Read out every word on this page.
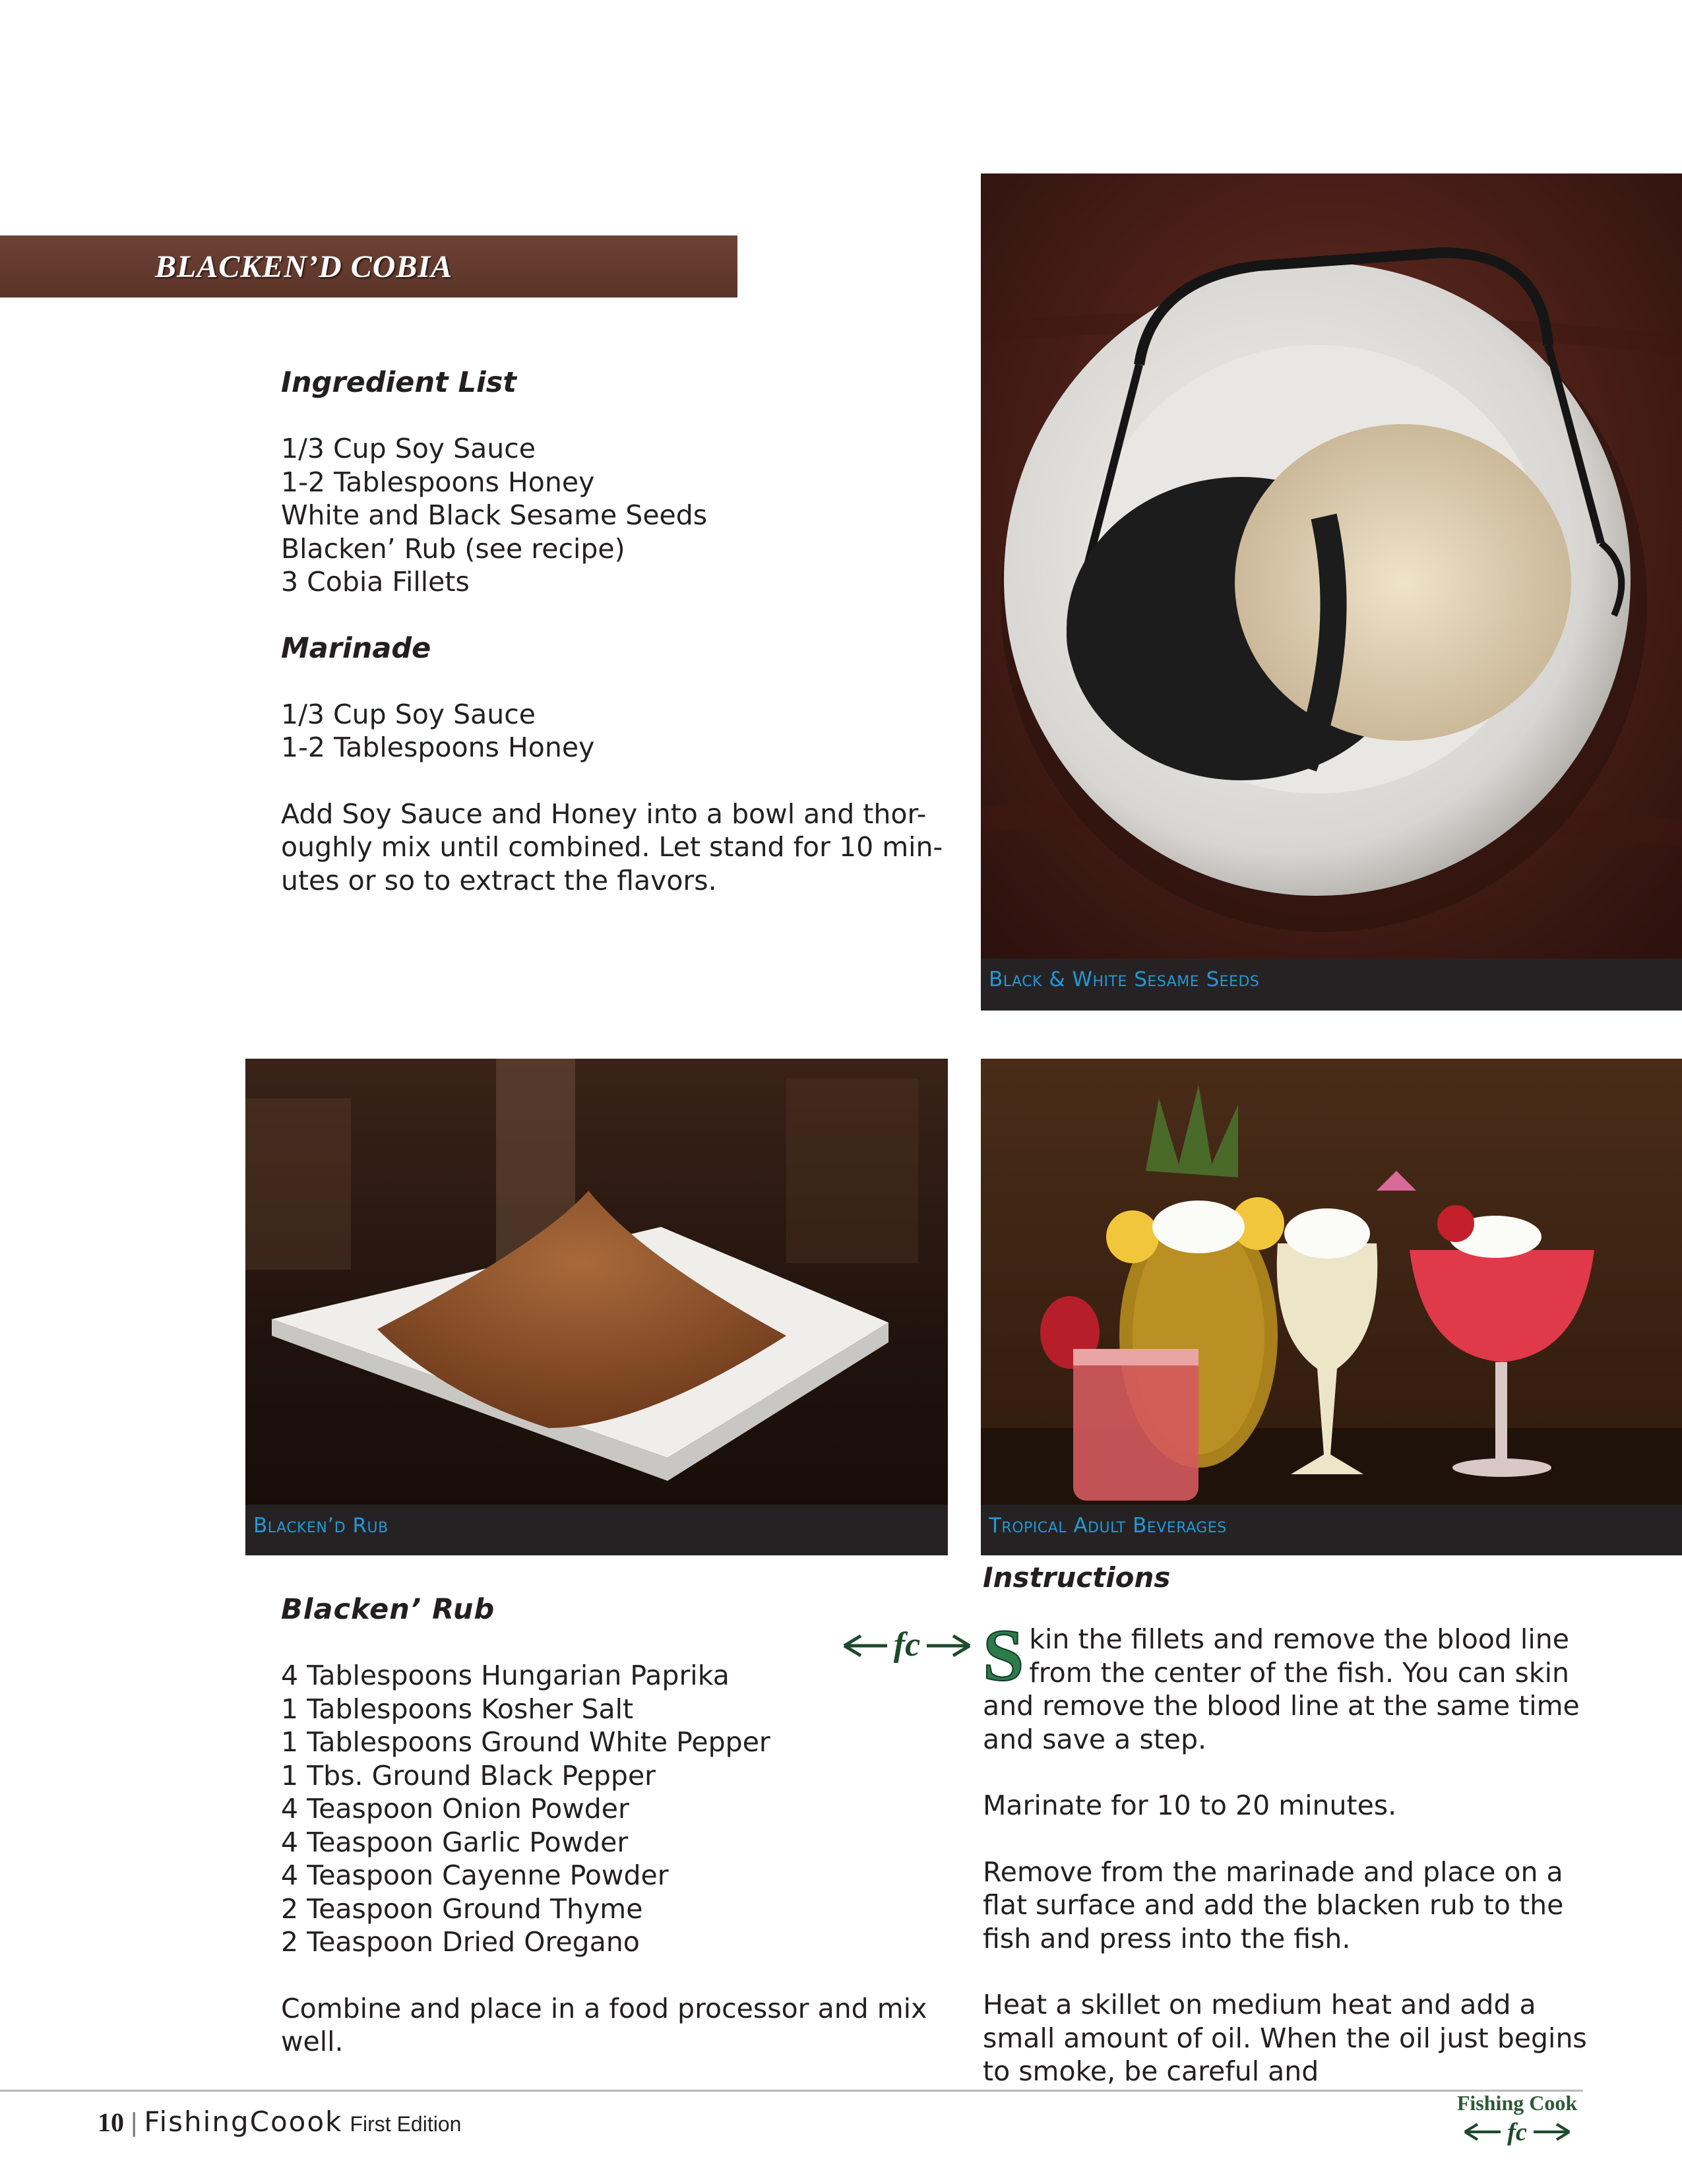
BLACKEN’D COBIA
Ingredient List
1/3 Cup Soy Sauce
1-2 Tablespoons Honey
White and Black Sesame Seeds
Blacken’ Rub (see recipe)
3 Cobia Fillets
Marinade
1/3 Cup Soy Sauce
1-2 Tablespoons Honey
Add Soy Sauce and Honey into a bowl and thor-
oughly mix until combined. Let stand for 10 min-
utes or so to extract the flavors.
Black & White Sesame Seeds
Blacken’d Rub	Tropical Adult Beverages
Blacken’ Rub
4 Tablespoons Hungarian Paprika
1 Tablespoons Kosher Salt
1 Tablespoons Ground White Pepper
1 Tbs. Ground Black Pepper
4 Teaspoon Onion Powder
4 Teaspoon Garlic Powder
4 Teaspoon Cayenne Powder
2 Teaspoon Ground Thyme
2 Teaspoon Dried Oregano
Combine and place in a food processor and mix
well.
fc
Instructions
S kin the fillets and remove the blood line
from the center of the fish. You can skin
and remove the blood line at the same time
and save a step.
Marinate for 10 to 20 minutes.
Remove from the marinade and place on a
flat surface and add the blacken rub to the
fish and press into the fish.
Heat a skillet on medium heat and add a
small amount of oil. When the oil just begins
to smoke, be careful and
10 | FishingCoook First Edition
Fishing Cook
fc
